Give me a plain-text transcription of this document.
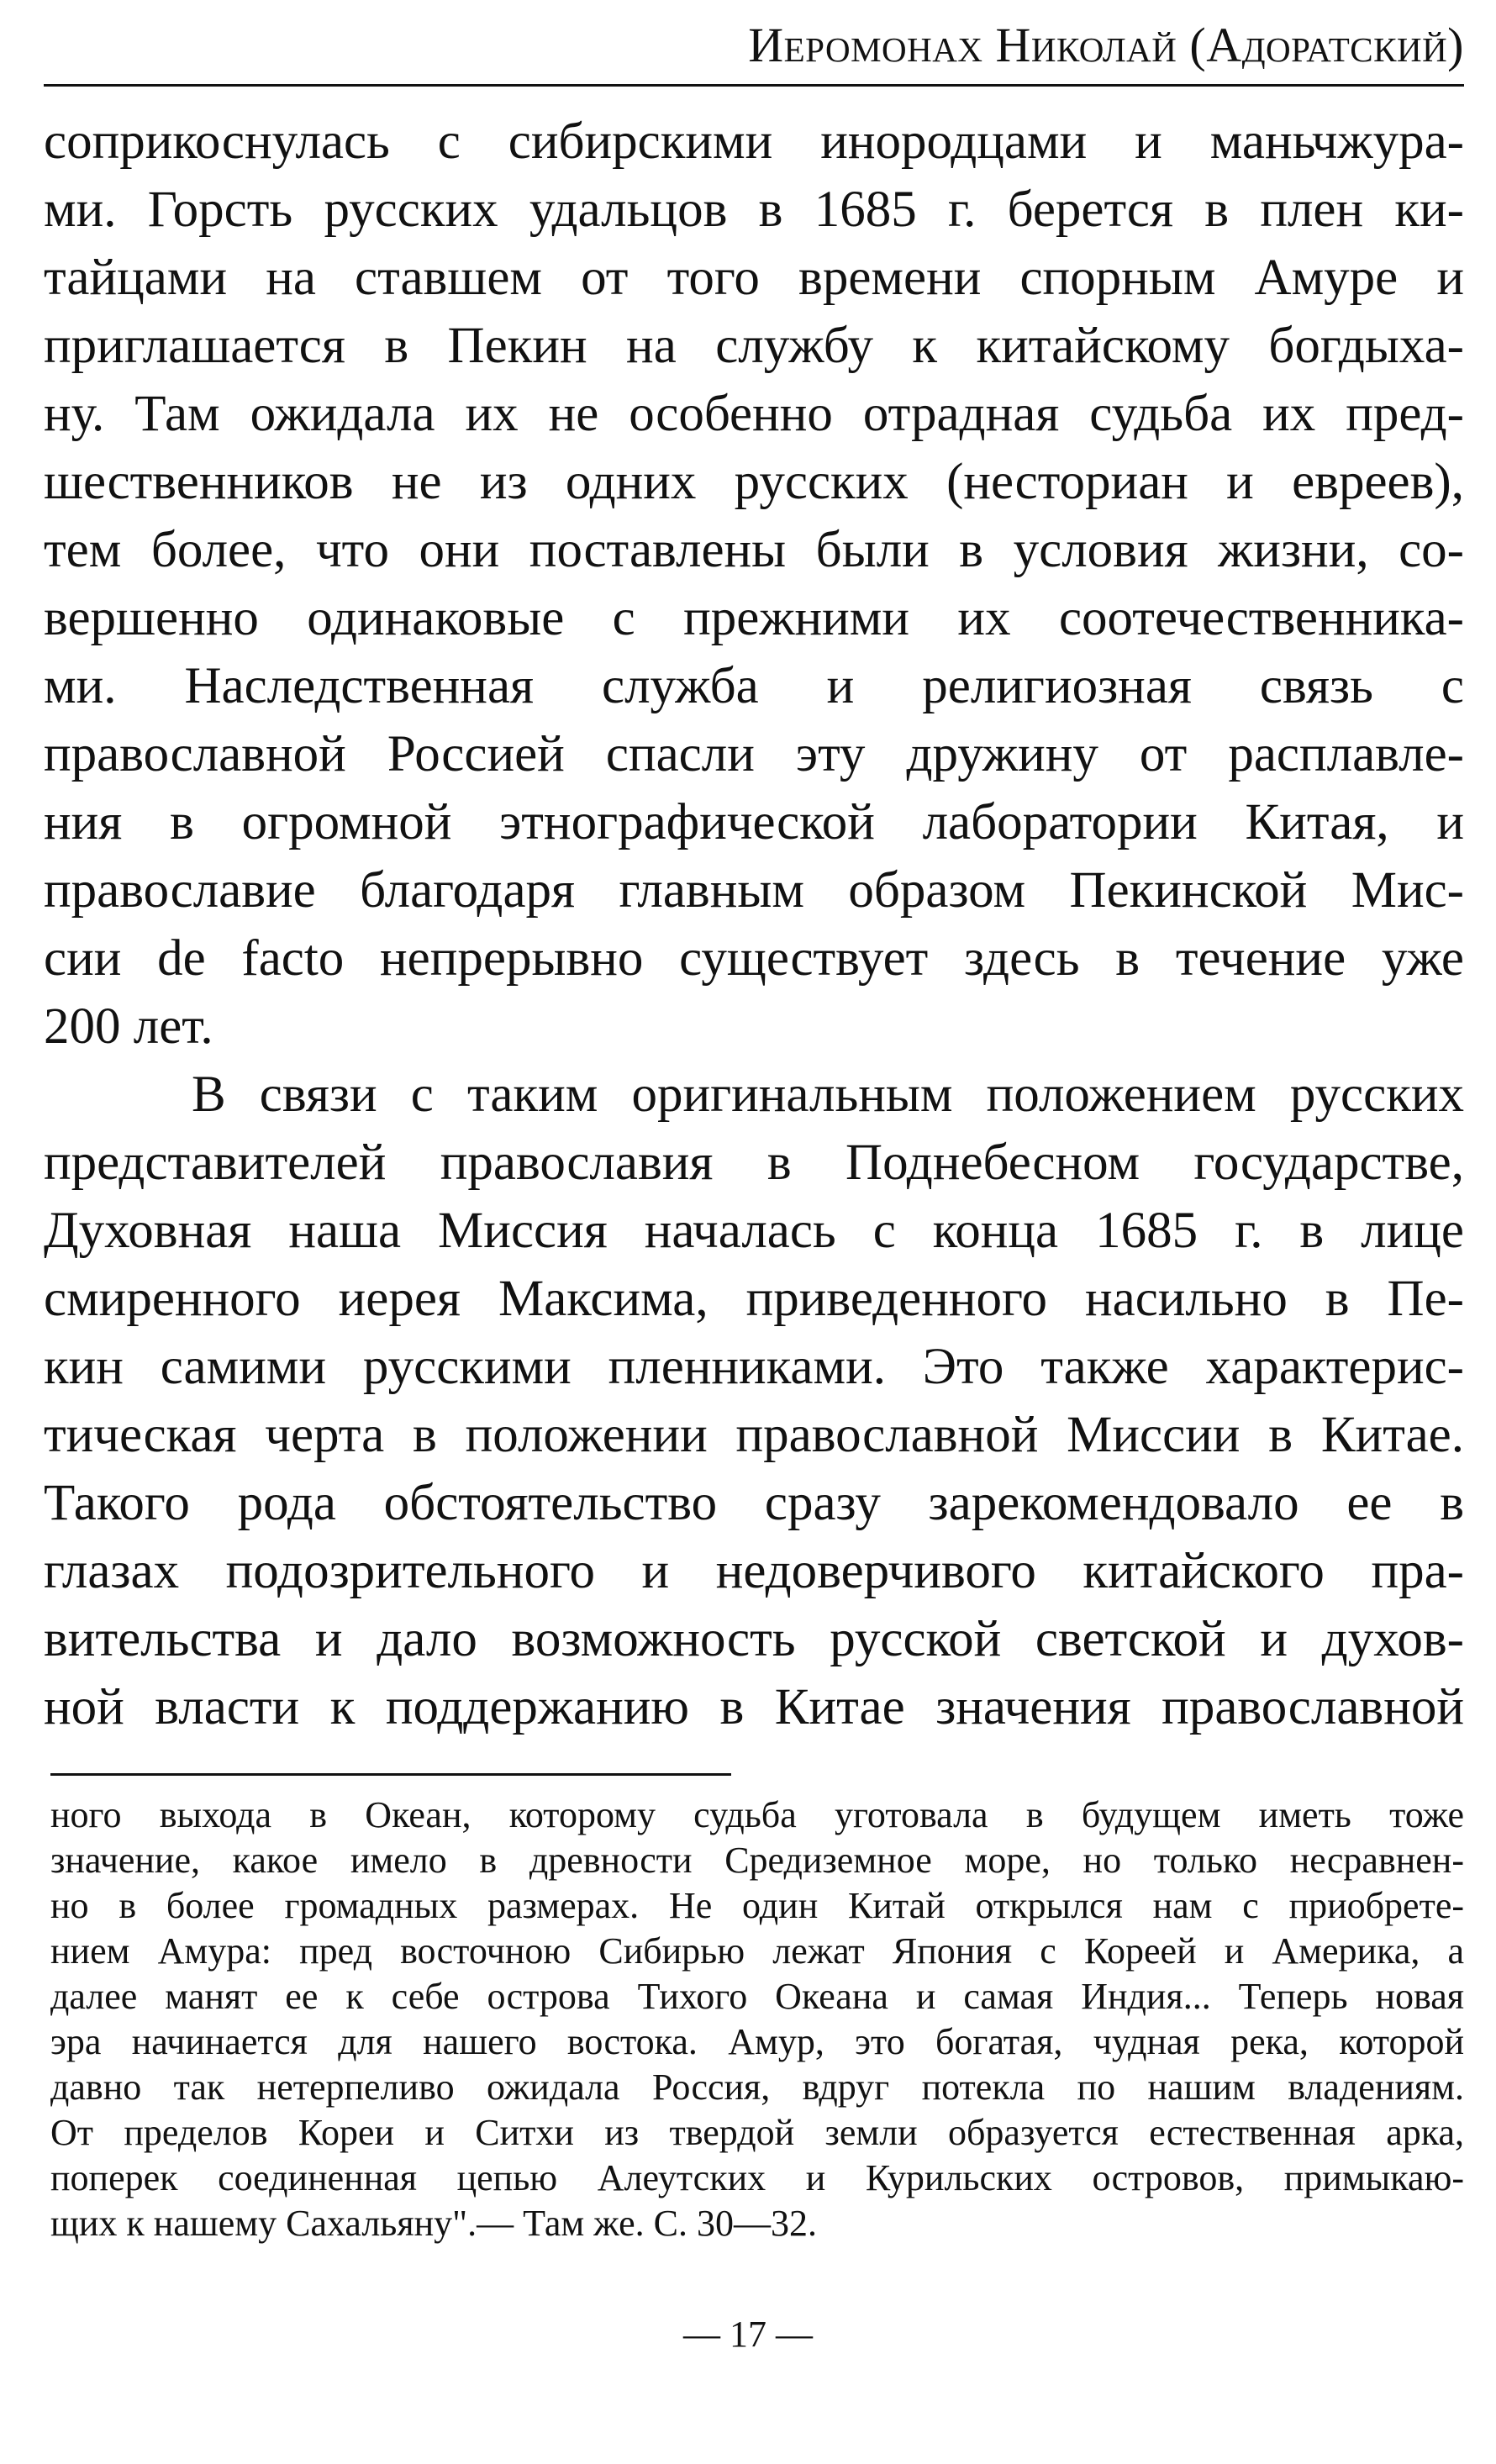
Иеромонах Николай (Адоратский)
соприкоснулась с сибирскими инородцами и маньчжура-
ми. Горсть русских удальцов в 1685 г. берется в плен ки-
тайцами на ставшем от того времени спорным Амуре и
приглашается в Пекин на службу к китайскому богдыха-
ну. Там ожидала их не особенно отрадная судьба их пред-
шественников не из одних русских (несториан и евреев),
тем более, что они поставлены были в условия жизни, со-
вершенно одинаковые с прежними их соотечественника-
ми. Наследственная служба и религиозная связь с
православной Россией спасли эту дружину от расплавле-
ния в огромной этнографической лаборатории Китая, и
православие благодаря главным образом Пекинской Мис-
сии de facto непрерывно существует здесь в течение уже
200 лет.
В связи с таким оригинальным положением русских
представителей православия в Поднебесном государстве,
Духовная наша Миссия началась с конца 1685 г. в лице
смиренного иерея Максима, приведенного насильно в Пе-
кин самими русскими пленниками. Это также характерис-
тическая черта в положении православной Миссии в Китае.
Такого рода обстоятельство сразу зарекомендовало ее в
глазах подозрительного и недоверчивого китайского пра-
вительства и дало возможность русской светской и духов-
ной власти к поддержанию в Китае значения православной
ного выхода в Океан, которому судьба уготовала в будущем иметь тоже
значение, какое имело в древности Средиземное море, но только несравнен-
но в более громадных размерах. Не один Китай открылся нам с приобрете-
нием Амура: пред восточною Сибирью лежат Япония с Кореей и Америка, а
далее манят ее к себе острова Тихого Океана и самая Индия... Теперь новая
эра начинается для нашего востока. Амур, это богатая, чудная река, которой
давно так нетерпеливо ожидала Россия, вдруг потекла по нашим владениям.
От пределов Кореи и Ситхи из твердой земли образуется естественная арка,
поперек соединенная цепью Алеутских и Курильских островов, примыкаю-
щих к нашему Сахальяну".— Там же. С. 30—32.
— 17 —
